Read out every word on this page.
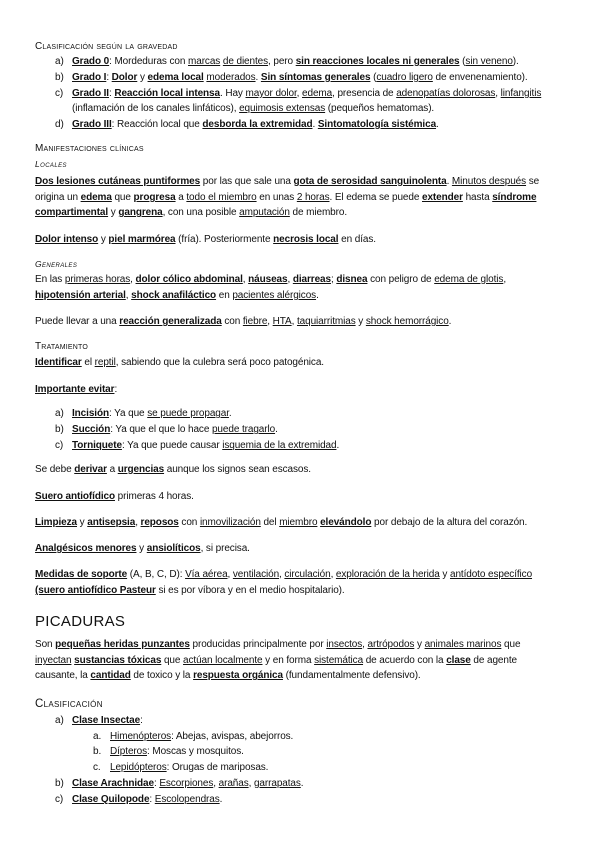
Clasificación según la gravedad
a) Grado 0: Mordeduras con marcas de dientes, pero sin reacciones locales ni generales (sin veneno).
b) Grado I: Dolor y edema local moderados. Sin síntomas generales (cuadro ligero de envenenamiento).
c) Grado II: Reacción local intensa. Hay mayor dolor, edema, presencia de adenopatías dolorosas, linfangitis
(inflamación de los canales linfáticos), equimosis extensas (pequeños hematomas).
d) Grado III: Reacción local que desborda la extremidad. Sintomatología sistémica.
Manifestaciones clínicas
Locales
Dos lesiones cutáneas puntiformes por las que sale una gota de serosidad sanguinolenta. Minutos después se
origina un edema que progresa a todo el miembro en unas 2 horas. El edema se puede extender hasta síndrome
compartimental y gangrena, con una posible amputación de miembro.
Dolor intenso y piel marmórea (fría). Posteriormente necrosis local en días.
Generales
En las primeras horas, dolor cólico abdominal, náuseas, diarreas; disnea con peligro de edema de glotis,
hipotensión arterial, shock anafiláctico en pacientes alérgicos.
Puede llevar a una reacción generalizada con fiebre, HTA, taquiarritmias y shock hemorrágico.
Tratamiento
Identificar el reptil, sabiendo que la culebra será poco patogénica.
Importante evitar:
a) Incisión: Ya que se puede propagar.
b) Succión: Ya que el que lo hace puede tragarlo.
c) Torniquete: Ya que puede causar isquemia de la extremidad.
Se debe derivar a urgencias aunque los signos sean escasos.
Suero antiofídico primeras 4 horas.
Limpieza y antisepsia, reposos con inmovilización del miembro elevándolo por debajo de la altura del corazón.
Analgésicos menores y ansiolíticos, si precisa.
Medidas de soporte (A, B, C, D): Vía aérea, ventilación, circulación, exploración de la herida y antídoto específico
(suero antiofídico Pasteur si es por víbora y en el medio hospitalario).
PICADURAS
Son pequeñas heridas punzantes producidas principalmente por insectos, artrópodos y animales marinos que
inyectan sustancias tóxicas que actúan localmente y en forma sistemática de acuerdo con la clase de agente
causante, la cantidad de toxico y la respuesta orgánica (fundamentalmente defensivo).
Clasificación
a) Clase Insectae:
a. Himenópteros: Abejas, avispas, abejorros.
b. Dípteros: Moscas y mosquitos.
c. Lepidópteros: Orugas de mariposas.
b) Clase Arachnidae: Escorpiones, arañas, garrapatas.
c) Clase Quilopode: Escolopendras.
